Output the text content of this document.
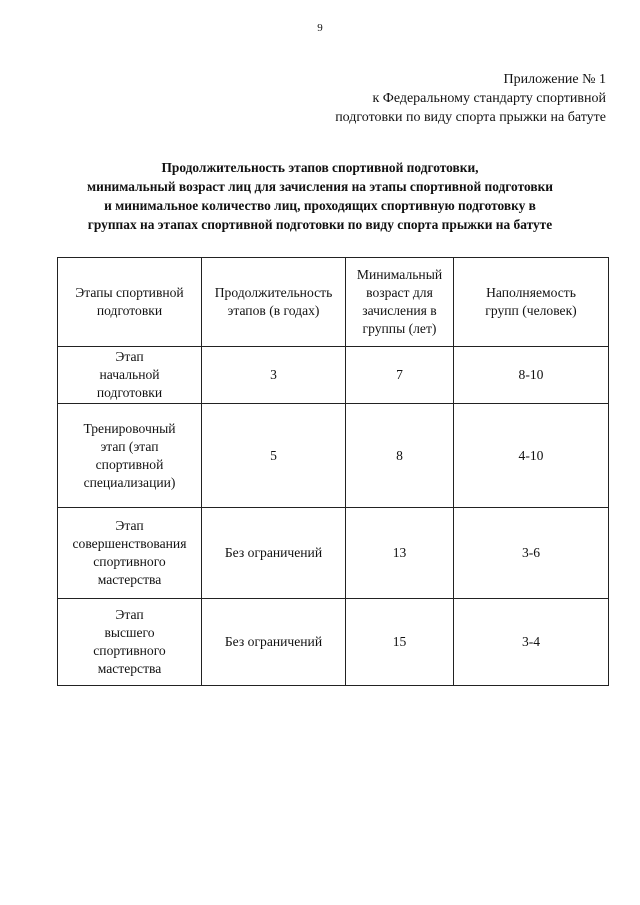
9
Приложение № 1
к Федеральному стандарту спортивной
подготовки по виду спорта прыжки на батуте
Продолжительность этапов спортивной подготовки,
минимальный возраст лиц для зачисления на этапы спортивной подготовки
и минимальное количество лиц, проходящих спортивную подготовку в
группах на этапах спортивной подготовки по виду спорта прыжки на батуте
Этапы спортивной
подготовки	Продолжительность
этапов (в годах)	Минимальный
возраст для
зачисления в
группы (лет)	Наполняемость
групп (человек)

Этап
начальной
подготовки	3	7	8-10

Тренировочный
этап (этап
спортивной
специализации)	5	8	4-10

Этап
совершенствования
спортивного
мастерства	Без ограничений	13	3-6

Этап
высшего
спортивного
мастерства	Без ограничений	15	3-4
